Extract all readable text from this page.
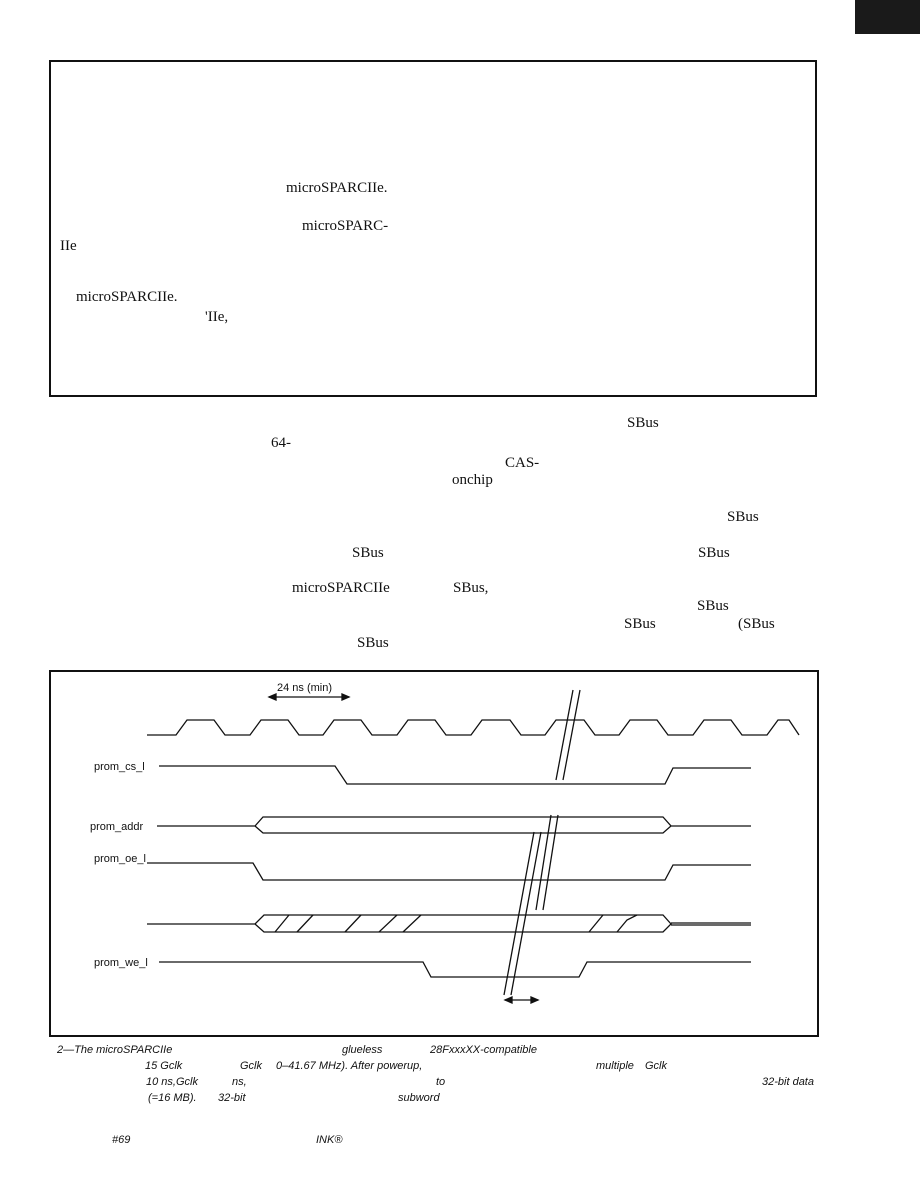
microSPARCIIe.
microSPARC-
IIe
microSPARCIIe.
'IIe,
SBus
64-
CAS-
onchip
SBus
SBus	SBus
microSPARCIIe	SBus,
SBus
SBus	(SBus
SBus
24 ns (min)
prom_cs_l
prom_addr
prom_oe_l
prom_we_l
2—The microSPARCIIe	glueless	28FxxxXX-compatible
15 Gclk	Gclk 0–41.67 MHz). After powerup,	multiple Gclk
10 ns,Gclk	ns,	to	32-bit data
(=16 MB). 32-bit	subword
#69	INK®
